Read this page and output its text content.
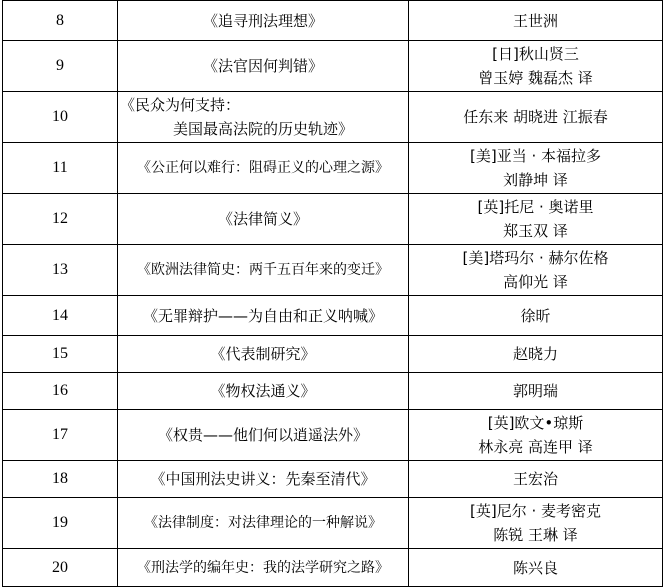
8	《追寻刑法理想》	王世洲

9	《法官因何判错》	[日]秋山贤三
曾玉婷 魏磊杰 译

10	《民众为何支持：
美国最高法院的历史轨迹》	任东来 胡晓进 江振春

11	《公正何以难行：阻碍正义的心理之源》	[美]亚当 · 本福拉多
刘静坤 译

12	《法律简义》	[英]托尼 · 奥诺里
郑玉双 译

13	《欧洲法律简史：两千五百年来的变迁》	[美]塔玛尔 · 赫尔佐格
高仰光 译

14	《无罪辩护——为自由和正义呐喊》	徐昕

15	《代表制研究》	赵晓力

16	《物权法通义》	郭明瑞

17	《权贵——他们何以逍遥法外》	[英]欧文•琼斯
林永亮 高连甲 译

18	《中国刑法史讲义：先秦至清代》	王宏治

19	《法律制度：对法律理论的一种解说》	[英]尼尔 · 麦考密克
陈锐 王琳 译

20	《刑法学的编年史：我的法学研究之路》	陈兴良
